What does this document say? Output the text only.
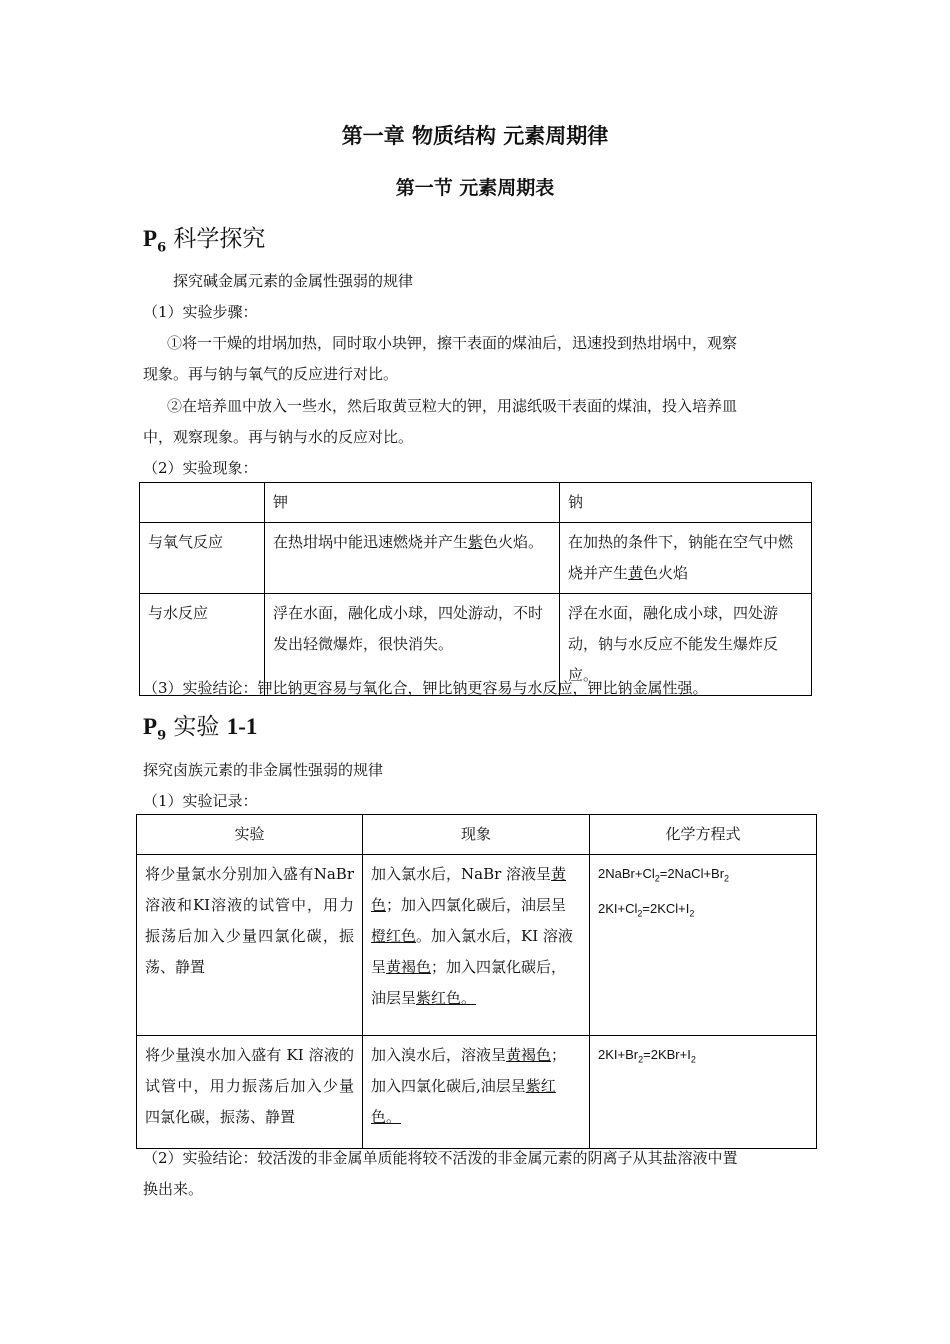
第一章 物质结构 元素周期律
第一节 元素周期表
$P_6$ 科学探究
探究碱金属元素的金属性强弱的规律
（1）实验步骤：
①将一干燥的坩埚加热，同时取小块钾，擦干表面的煤油后，迅速投到热坩埚中，观察
现象。再与钠与氧气的反应进行对比。
②在培养皿中放入一些水，然后取黄豆粒大的钾，用滤纸吸干表面的煤油，投入培养皿
中，观察现象。再与钠与水的反应对比。
（2）实验现象：
	钾	钠
与氧气反应	在热坩埚中能迅速燃烧并产生紫色火焰。	在加热的条件下，钠能在空气中燃烧并产生黄色火焰
与水反应	浮在水面，融化成小球，四处游动，不时发出轻微爆炸，很快消失。	浮在水面，融化成小球，四处游动，钠与水反应不能发生爆炸反应。
（3）实验结论：钾比钠更容易与氧化合，钾比钠更容易与水反应，钾比钠金属性强。
$P_9$ 实验 1-1
探究卤族元素的非金属性强弱的规律
（1）实验记录：
实验	现象	化学方程式
将少量氯水分别加入盛有NaBr溶液和KI溶液的试管中，用力振荡后加入少量四氯化碳，振荡、静置	加入氯水后，NaBr 溶液呈黄色；加入四氯化碳后，油层呈橙红色。加入氯水后，KI 溶液呈黄褐色；加入四氯化碳后，油层呈紫红色。	$2NaBr+Cl_2=2NaCl+Br_2$
$2KI+Cl_2=2KCl+I_2$

将少量溴水加入盛有 KI 溶液的试管中，用力振荡后加入少量四氯化碳，振荡、静置	加入溴水后，溶液呈黄褐色；加入四氯化碳后,油层呈紫红色。	$2KI+Br_2=2KBr+I_2$
（2）实验结论：较活泼的非金属单质能将较不活泼的非金属元素的阴离子从其盐溶液中置
换出来。
